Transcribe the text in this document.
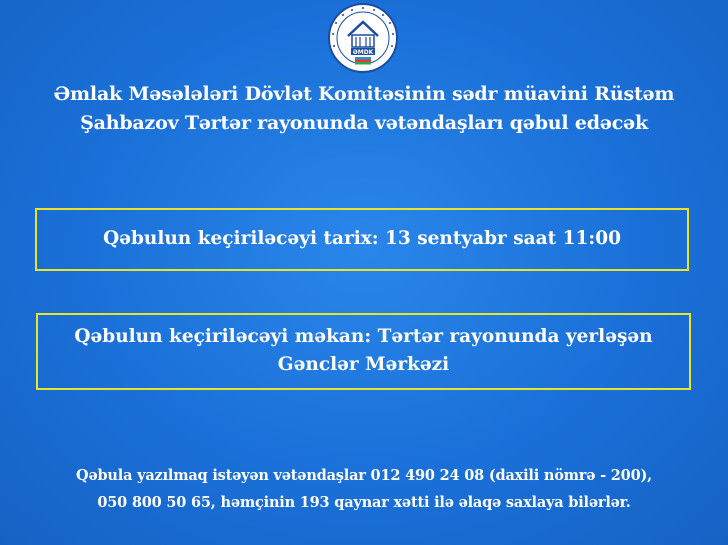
ƏMDK
Əmlak Məsələləri Dövlət Komitəsinin sədr müavini Rüstəm
Şahbazov Tərtər rayonunda vətəndaşları qəbul edəcək
Qəbulun keçiriləcəyi tarix: 13 sentyabr saat 11:00
Qəbulun keçiriləcəyi məkan: Tərtər rayonunda yerləşən
Gənclər Mərkəzi
Qəbula yazılmaq istəyən vətəndaşlar 012 490 24 08 (daxili nömrə - 200),
050 800 50 65, həmçinin 193 qaynar xətti ilə əlaqə saxlaya bilərlər.
